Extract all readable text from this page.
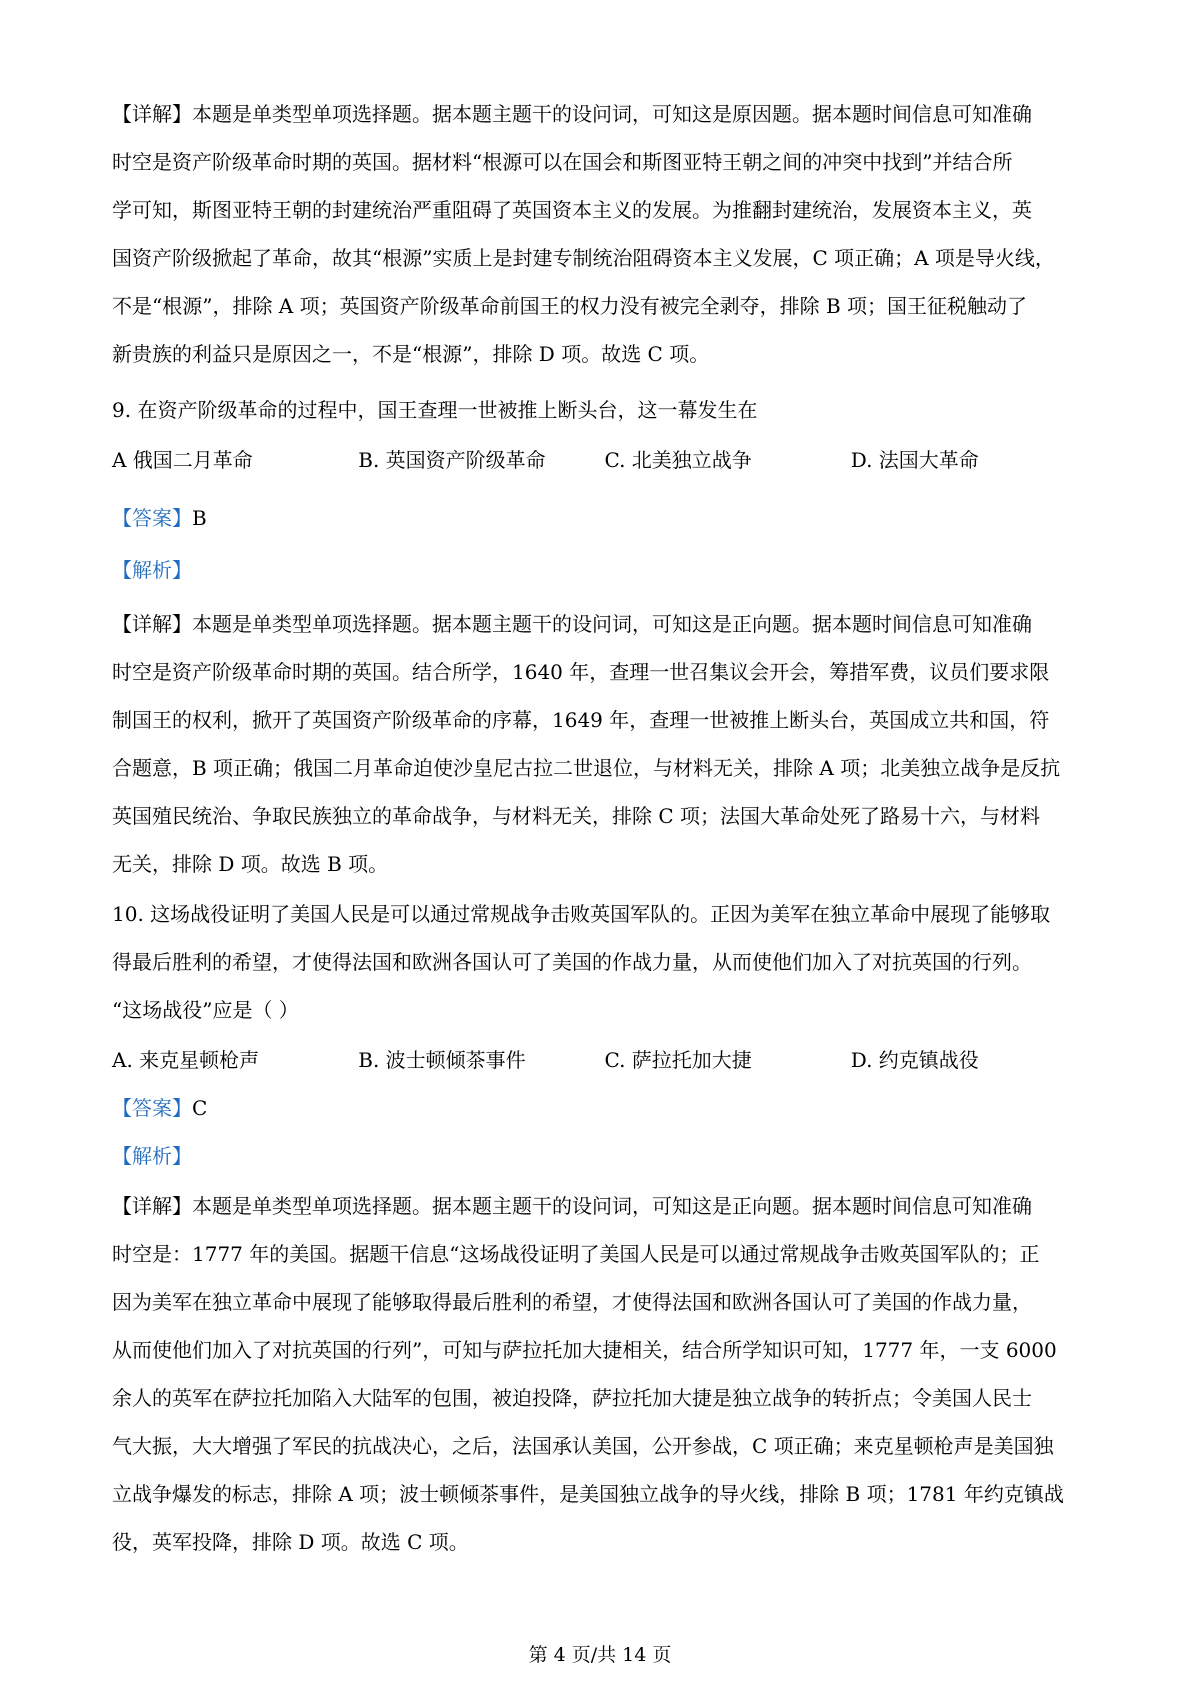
【详解】本题是单类型单项选择题。据本题主题干的设问词，可知这是原因题。据本题时间信息可知准确
时空是资产阶级革命时期的英国。据材料“根源可以在国会和斯图亚特王朝之间的冲突中找到”并结合所
学可知，斯图亚特王朝的封建统治严重阻碍了英国资本主义的发展。为推翻封建统治，发展资本主义，英
国资产阶级掀起了革命，故其“根源”实质上是封建专制统治阻碍资本主义发展，C 项正确；A 项是导火线，
不是“根源”，排除 A 项；英国资产阶级革命前国王的权力没有被完全剥夺，排除 B 项；国王征税触动了
新贵族的利益只是原因之一，不是“根源”，排除 D 项。故选 C 项。
9. 在资产阶级革命的过程中，国王查理一世被推上断头台，这一幕发生在
A 俄国二月革命	B. 英国资产阶级革命	C. 北美独立战争	D. 法国大革命
【答案】B
【解析】
【详解】本题是单类型单项选择题。据本题主题干的设问词，可知这是正向题。据本题时间信息可知准确
时空是资产阶级革命时期的英国。结合所学，1640 年，查理一世召集议会开会，筹措军费，议员们要求限
制国王的权利，掀开了英国资产阶级革命的序幕，1649 年，查理一世被推上断头台，英国成立共和国，符
合题意，B 项正确；俄国二月革命迫使沙皇尼古拉二世退位，与材料无关，排除 A 项；北美独立战争是反抗
英国殖民统治、争取民族独立的革命战争，与材料无关，排除 C 项；法国大革命处死了路易十六，与材料
无关，排除 D 项。故选 B 项。
10. 这场战役证明了美国人民是可以通过常规战争击败英国军队的。正因为美军在独立革命中展现了能够取
得最后胜利的希望，才使得法国和欧洲各国认可了美国的作战力量，从而使他们加入了对抗英国的行列。
“这场战役”应是（ ）
A. 来克星顿枪声	B. 波士顿倾茶事件	C. 萨拉托加大捷	D. 约克镇战役
【答案】C
【解析】
【详解】本题是单类型单项选择题。据本题主题干的设问词，可知这是正向题。据本题时间信息可知准确
时空是：1777 年的美国。据题干信息“这场战役证明了美国人民是可以通过常规战争击败英国军队的；正
因为美军在独立革命中展现了能够取得最后胜利的希望，才使得法国和欧洲各国认可了美国的作战力量，
从而使他们加入了对抗英国的行列”，可知与萨拉托加大捷相关，结合所学知识可知，1777 年，一支 6000
余人的英军在萨拉托加陷入大陆军的包围，被迫投降，萨拉托加大捷是独立战争的转折点；令美国人民士
气大振，大大增强了军民的抗战决心，之后，法国承认美国，公开参战，C 项正确；来克星顿枪声是美国独
立战争爆发的标志，排除 A 项；波士顿倾茶事件，是美国独立战争的导火线，排除 B 项；1781 年约克镇战
役，英军投降，排除 D 项。故选 C 项。
第 4 页/共 14 页
